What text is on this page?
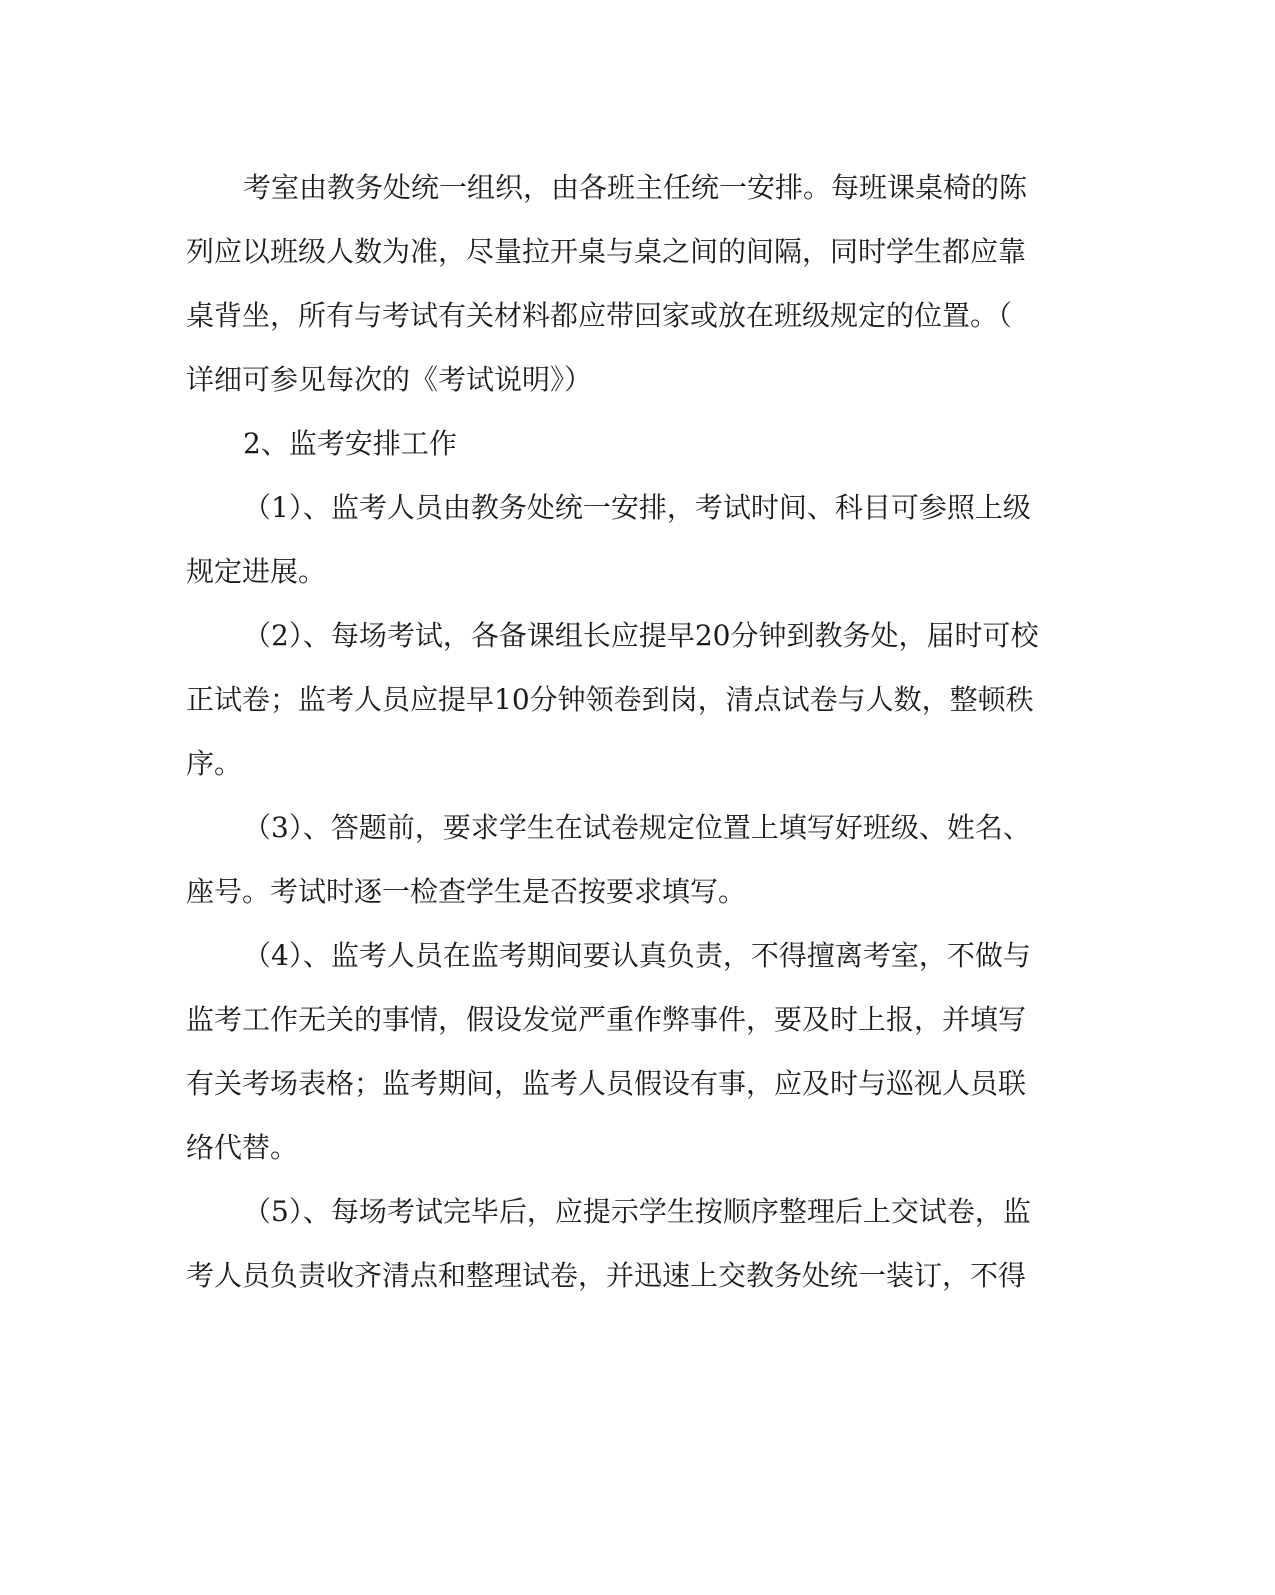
考室由教务处统一组织，由各班主任统一安排。每班课桌椅的陈
列应以班级人数为准，尽量拉开桌与桌之间的间隔，同时学生都应靠
桌背坐，所有与考试有关材料都应带回家或放在班级规定的位置。（
详细可参见每次的《考试说明》）
2、监考安排工作
（1）、监考人员由教务处统一安排，考试时间、科目可参照上级
规定进展。
（2）、每场考试，各备课组长应提早20分钟到教务处，届时可校
正试卷；监考人员应提早10分钟领卷到岗，清点试卷与人数，整顿秩
序。
（3）、答题前，要求学生在试卷规定位置上填写好班级、姓名、
座号。考试时逐一检查学生是否按要求填写。
（4）、监考人员在监考期间要认真负责，不得擅离考室，不做与
监考工作无关的事情，假设发觉严重作弊事件，要及时上报，并填写
有关考场表格；监考期间，监考人员假设有事，应及时与巡视人员联
络代替。
（5）、每场考试完毕后，应提示学生按顺序整理后上交试卷，监
考人员负责收齐清点和整理试卷，并迅速上交教务处统一装订，不得
